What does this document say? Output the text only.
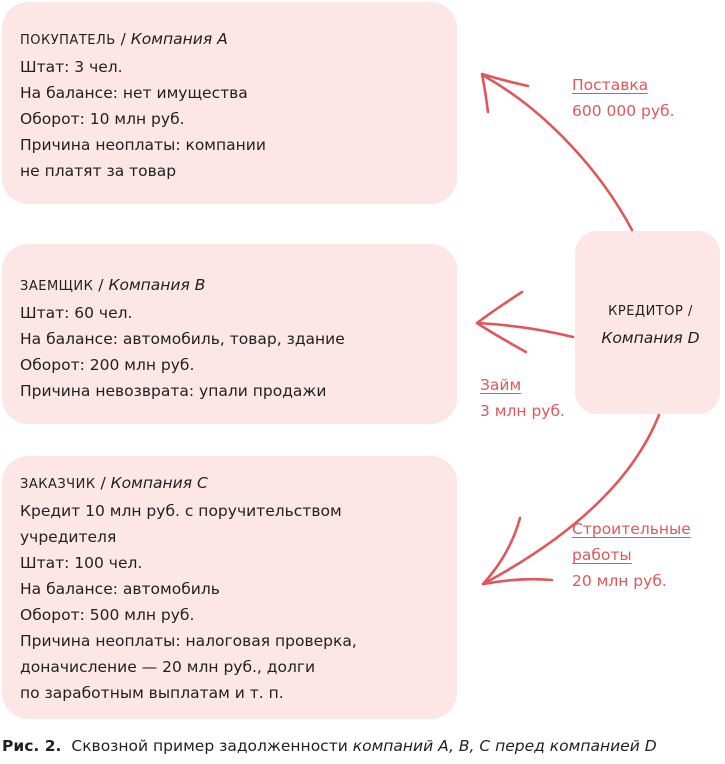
ПОКУПАТЕЛЬ / Компания A
Штат: 3 чел.
На балансе: нет имущества
Оборот: 10 млн руб.
Причина неоплаты: компании
не платят за товар
ЗАЕМЩИК / Компания B
Штат: 60 чел.
На балансе: автомобиль, товар, здание
Оборот: 200 млн руб.
Причина невозврата: упали продажи
ЗАКАЗЧИК / Компания C
Кредит 10 млн руб. с поручительством
учредителя
Штат: 100 чел.
На балансе: автомобиль
Оборот: 500 млн руб.
Причина неоплаты: налоговая проверка,
доначисление — 20 млн руб., долги
по заработным выплатам и т. п.
КРЕДИТОР /
Компания D
Поставка
600 000 руб.
Займ
3 млн руб.
Строительные
работы
20 млн руб.
Рис. 2. Сквозной пример задолженности компаний A, B, C перед компанией D
